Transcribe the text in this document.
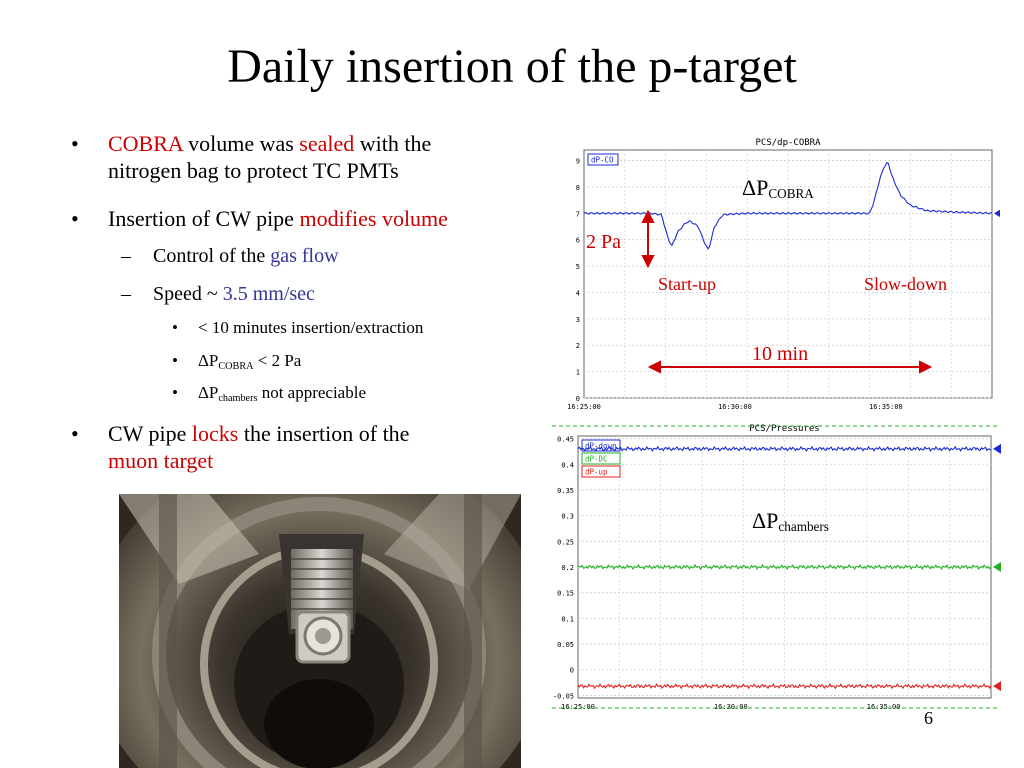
Daily insertion of the p-target
• COBRA volume was sealed with the
nitrogen bag to protect TC PMTs
• Insertion of CW pipe modifies volume
– Control of the gas flow
– Speed ~ 3.5 mm/sec
• < 10 minutes insertion/extraction
• $\Delta P_{COBRA} < 2$ Pa
• $\Delta P_{chambers}$ not appreciable
• CW pipe locks the insertion of the
muon target
PCS/dp-COBRA
0
1
2
3
4
5
6
7
8
9
16:25:00	16:30:00	16:35:00
dP-CO
$\Delta P_{COBRA}$
2 Pa
Start-up	Slow-down
10 min
PCS/Pressures
-0.05
0
0.05
0.1
0.15
0.2
0.25
0.3
0.35
0.4
0.45
16:25:00	16:30:00	16:35:00
dP-down
dP-DC
dP-up
$\Delta P_{chambers}$
6
